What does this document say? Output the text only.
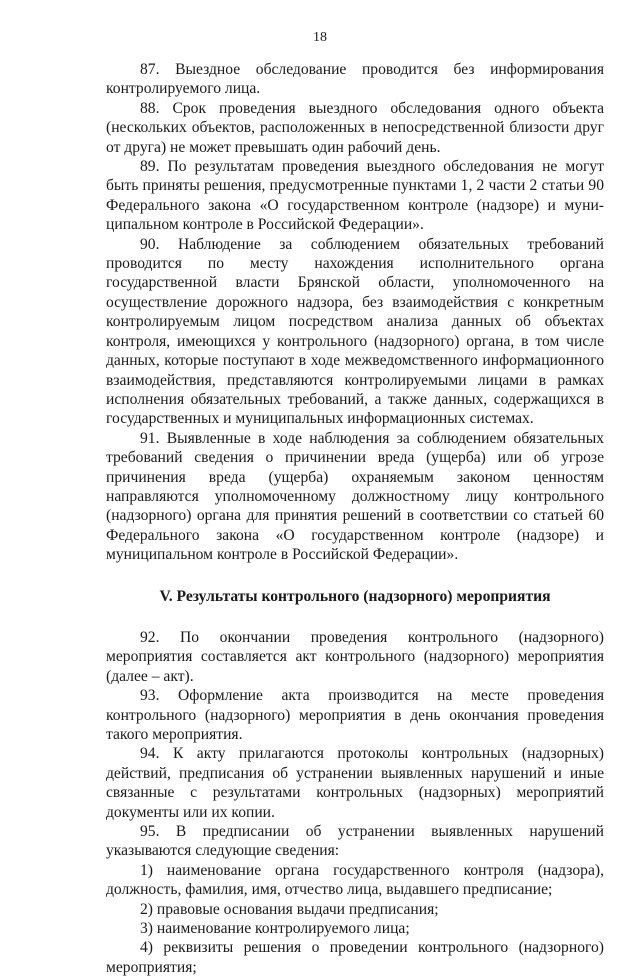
18

87. Выездное обследование проводится без информирования контролируемого лица.

88. Срок проведения выездного обследования одного объекта (нескольких объектов, расположенных в непосредственной близости друг от друга) не может превышать один рабочий день.

89. По результатам проведения выездного обследования не могут быть приняты решения, предусмотренные пунктами 1, 2 части 2 статьи 90 Федерального закона «О государственном контроле (надзоре) и муниципальном контроле в Российской Федерации».

90. Наблюдение за соблюдением обязательных требований проводится по месту нахождения исполнительного органа государственной власти Брянской области, уполномоченного на осуществление дорожного надзора, без взаимодействия с конкретным контролируемым лицом посредством анализа данных об объектах контроля, имеющихся у контрольного (надзорного) органа, в том числе данных, которые поступают в ходе межведомственного информационного взаимодействия, представляются контролируемыми лицами в рамках исполнения обязательных требований, а также данных, содержащихся в государственных и муниципальных информационных системах.

91. Выявленные в ходе наблюдения за соблюдением обязательных требований сведения о причинении вреда (ущерба) или об угрозе причинения вреда (ущерба) охраняемым законом ценностям направляются уполномоченному должностному лицу контрольного (надзорного) органа для принятия решений в соответствии со статьей 60 Федерального закона «О государственном контроле (надзоре) и муниципальном контроле в Российской Федерации».

V. Результаты контрольного (надзорного) мероприятия

92. По окончании проведения контрольного (надзорного) мероприятия составляется акт контрольного (надзорного) мероприятия (далее – акт).

93. Оформление акта производится на месте проведения контрольного (надзорного) мероприятия в день окончания проведения такого мероприятия.

94. К акту прилагаются протоколы контрольных (надзорных) действий, предписания об устранении выявленных нарушений и иные связанные с результатами контрольных (надзорных) мероприятий документы или их копии.

95. В предписании об устранении выявленных нарушений указываются следующие сведения:

1) наименование органа государственного контроля (надзора), должность, фамилия, имя, отчество лица, выдавшего предписание;

2) правовые основания выдачи предписания;

3) наименование контролируемого лица;

4) реквизиты решения о проведении контрольного (надзорного) мероприятия;
